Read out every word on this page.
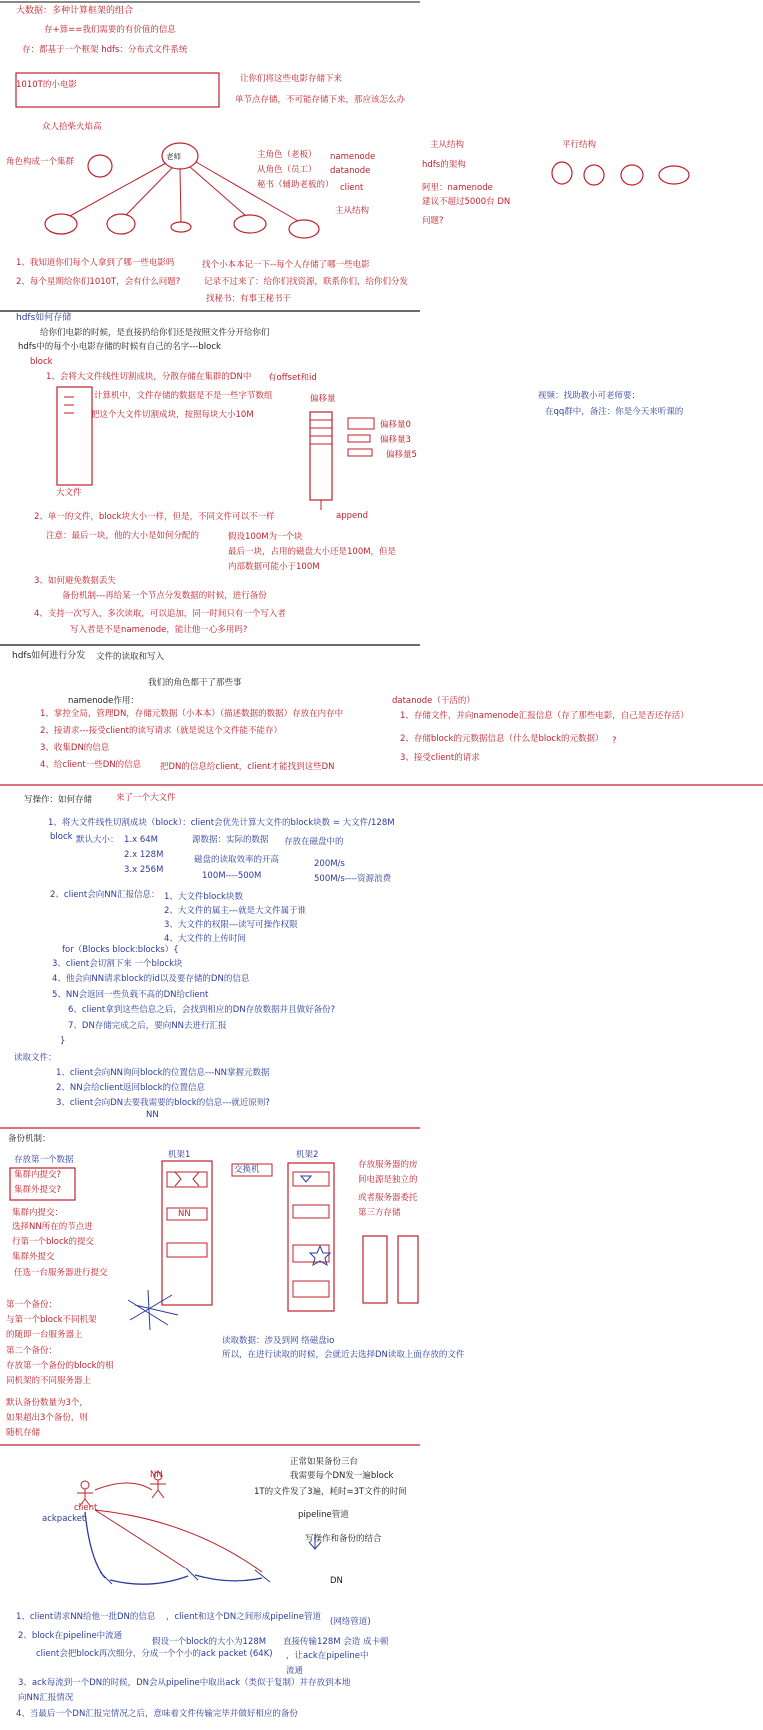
大数据：多种计算框架的组合
存+算==我们需要的有价值的信息
存：都基于一个框架 hdfs：分布式文件系统
1010T的小电影
让你们将这些电影存储下来
单节点存储，不可能存储下来，那应该怎么办
众人拾柴火焰高
角色构成一个集群
老师	主角色（老板）
从角色（员工）
秘书（辅助老板的）
namenode
datanode
client
主从结构
主从结构
hdfs的架构
平行结构
阿里：namenode
建议不超过5000台 DN
问题?
1、我知道你们每个人拿到了哪一些电影吗
2、每个星期给你们1010T，会有什么问题?
找个小本本记一下--每个人存储了哪一些电影
记录不过来了：给你们找资源，联系你们，给你们分发
找秘书：有事王秘书干
hdfs如何存储
给你们电影的时候，是直接扔给你们还是按照文件分开给你们
hdfs中的每个小电影存储的时候有自己的名字---block
block
1、会将大文件线性切割成块，分散存储在集群的DN中 有offset和id
计算机中，文件存储的数据是不是一些字节数组
把这个大文件切割成块，按照每块大小10M
大文件
偏移量
偏移量0
偏移量3
偏移量5
视频：找助教小可老师要：
在qq群中，备注：你是今天来听课的
append
2、单一的文件，block块大小一样，但是，不同文件可以不一样
注意：最后一块，他的大小是如何分配的	假设100M为一个块
最后一块，占用的磁盘大小还是100M，但是
内部数据可能小于100M
3、如何避免数据丢失
备份机制---再给某一个节点分发数据的时候，进行备份
4、支持一次写入，多次读取，可以追加，同一时间只有一个写入者
写入者是不是namenode，能让他一心多用吗?
hdfs如何进行分发 文件的读取和写入
我们的角色都干了那些事
namenode作用：
1、掌控全局，管理DN，存储元数据（小本本）（描述数据的数据）存放在内存中
2、接请求---接受client的读写请求（就是说这个文件能不能存）
3、收集DN的信息
4、给client一些DN的信息 把DN的信息给client，client才能找到这些DN
datanode（干活的）
1、存储文件，并向namenode汇报信息（存了那些电影，自己是否还存活）
2、存储block的元数据信息（什么是block的元数据） ?
3、接受client的请求
写操作：如何存储	来了一个大文件
1、将大文件线性切割成块（block）：client会优先计算大文件的block块数 = 大文件/128M
block 默认大小： 1.x 64M
2.x 128M
3.x 256M
源数据：实际的数据 存放在磁盘中的
磁盘的读取效率的开高
100M----500M
200M/s
500M/s----资源浪费
2、client会向NN汇报信息： 1、大文件block块数
2、大文件的属主---就是大文件属于谁
3、大文件的权限---读写可操作权限
4、大文件的上传时间
for（Blocks block:blocks）{
3、client会切割下来 一个block块
4、他会向NN请求block的id以及要存储的DN的信息
5、NN会返回一些负载不高的DN给client
6、client拿到这些信息之后，会找到相应的DN存放数据并且做好备份?
7、DN存储完成之后，要向NN去进行汇报
}
读取文件：
1、client会向NN询问block的位置信息---NN掌握元数据
2、NN会给client返回block的位置信息
3、client会向DN去要我需要的block的信息---就近原则?
NN
备份机制：
存放第一个数据
集群内提交?
集群外提交?
机架1	机架2
交换机
NN
存放服务器的房
间电源是独立的
或者服务器委托
第三方存储
集群内提交：
选择NN所在的节点进
行第一个block的提交
集群外提交
任选一台服务器进行提交
第一个备份：
与第一个block不同机架
的随即一台服务器上
第二个备份：
存放第一个备份的block的相
同机架的不同服务器上
默认备份数量为3个，
如果超出3个备份，则
随机存储
读取数据：涉及到网 络磁盘io
所以，在进行读取的时候，会就近去选择DN读取上面存放的文件
NN
client
ackpacket
正常如果备份三台
我需要每个DN发一遍block
1T的文件发了3遍，耗时=3T文件的时间
pipeline管道
写操作和备份的结合
DN
1、client请求NN给他一批DN的信息 ，client和这个DN之间形成pipeline管道 (网络管道)
2、block在pipeline中流通
假设一个block的大小为128M 直接传输128M 会造 成卡顿
client会把block再次细分，分成一个个小的ack packet (64K) ，让ack在pipeline中
流通
3、ack每流到一个DN的时候，DN会从pipeline中取出ack（类似于复制）并存放到本地
向NN汇报情况
4、当最后一个DN汇报完情况之后，意味着文件传输完毕并做好相应的备份
